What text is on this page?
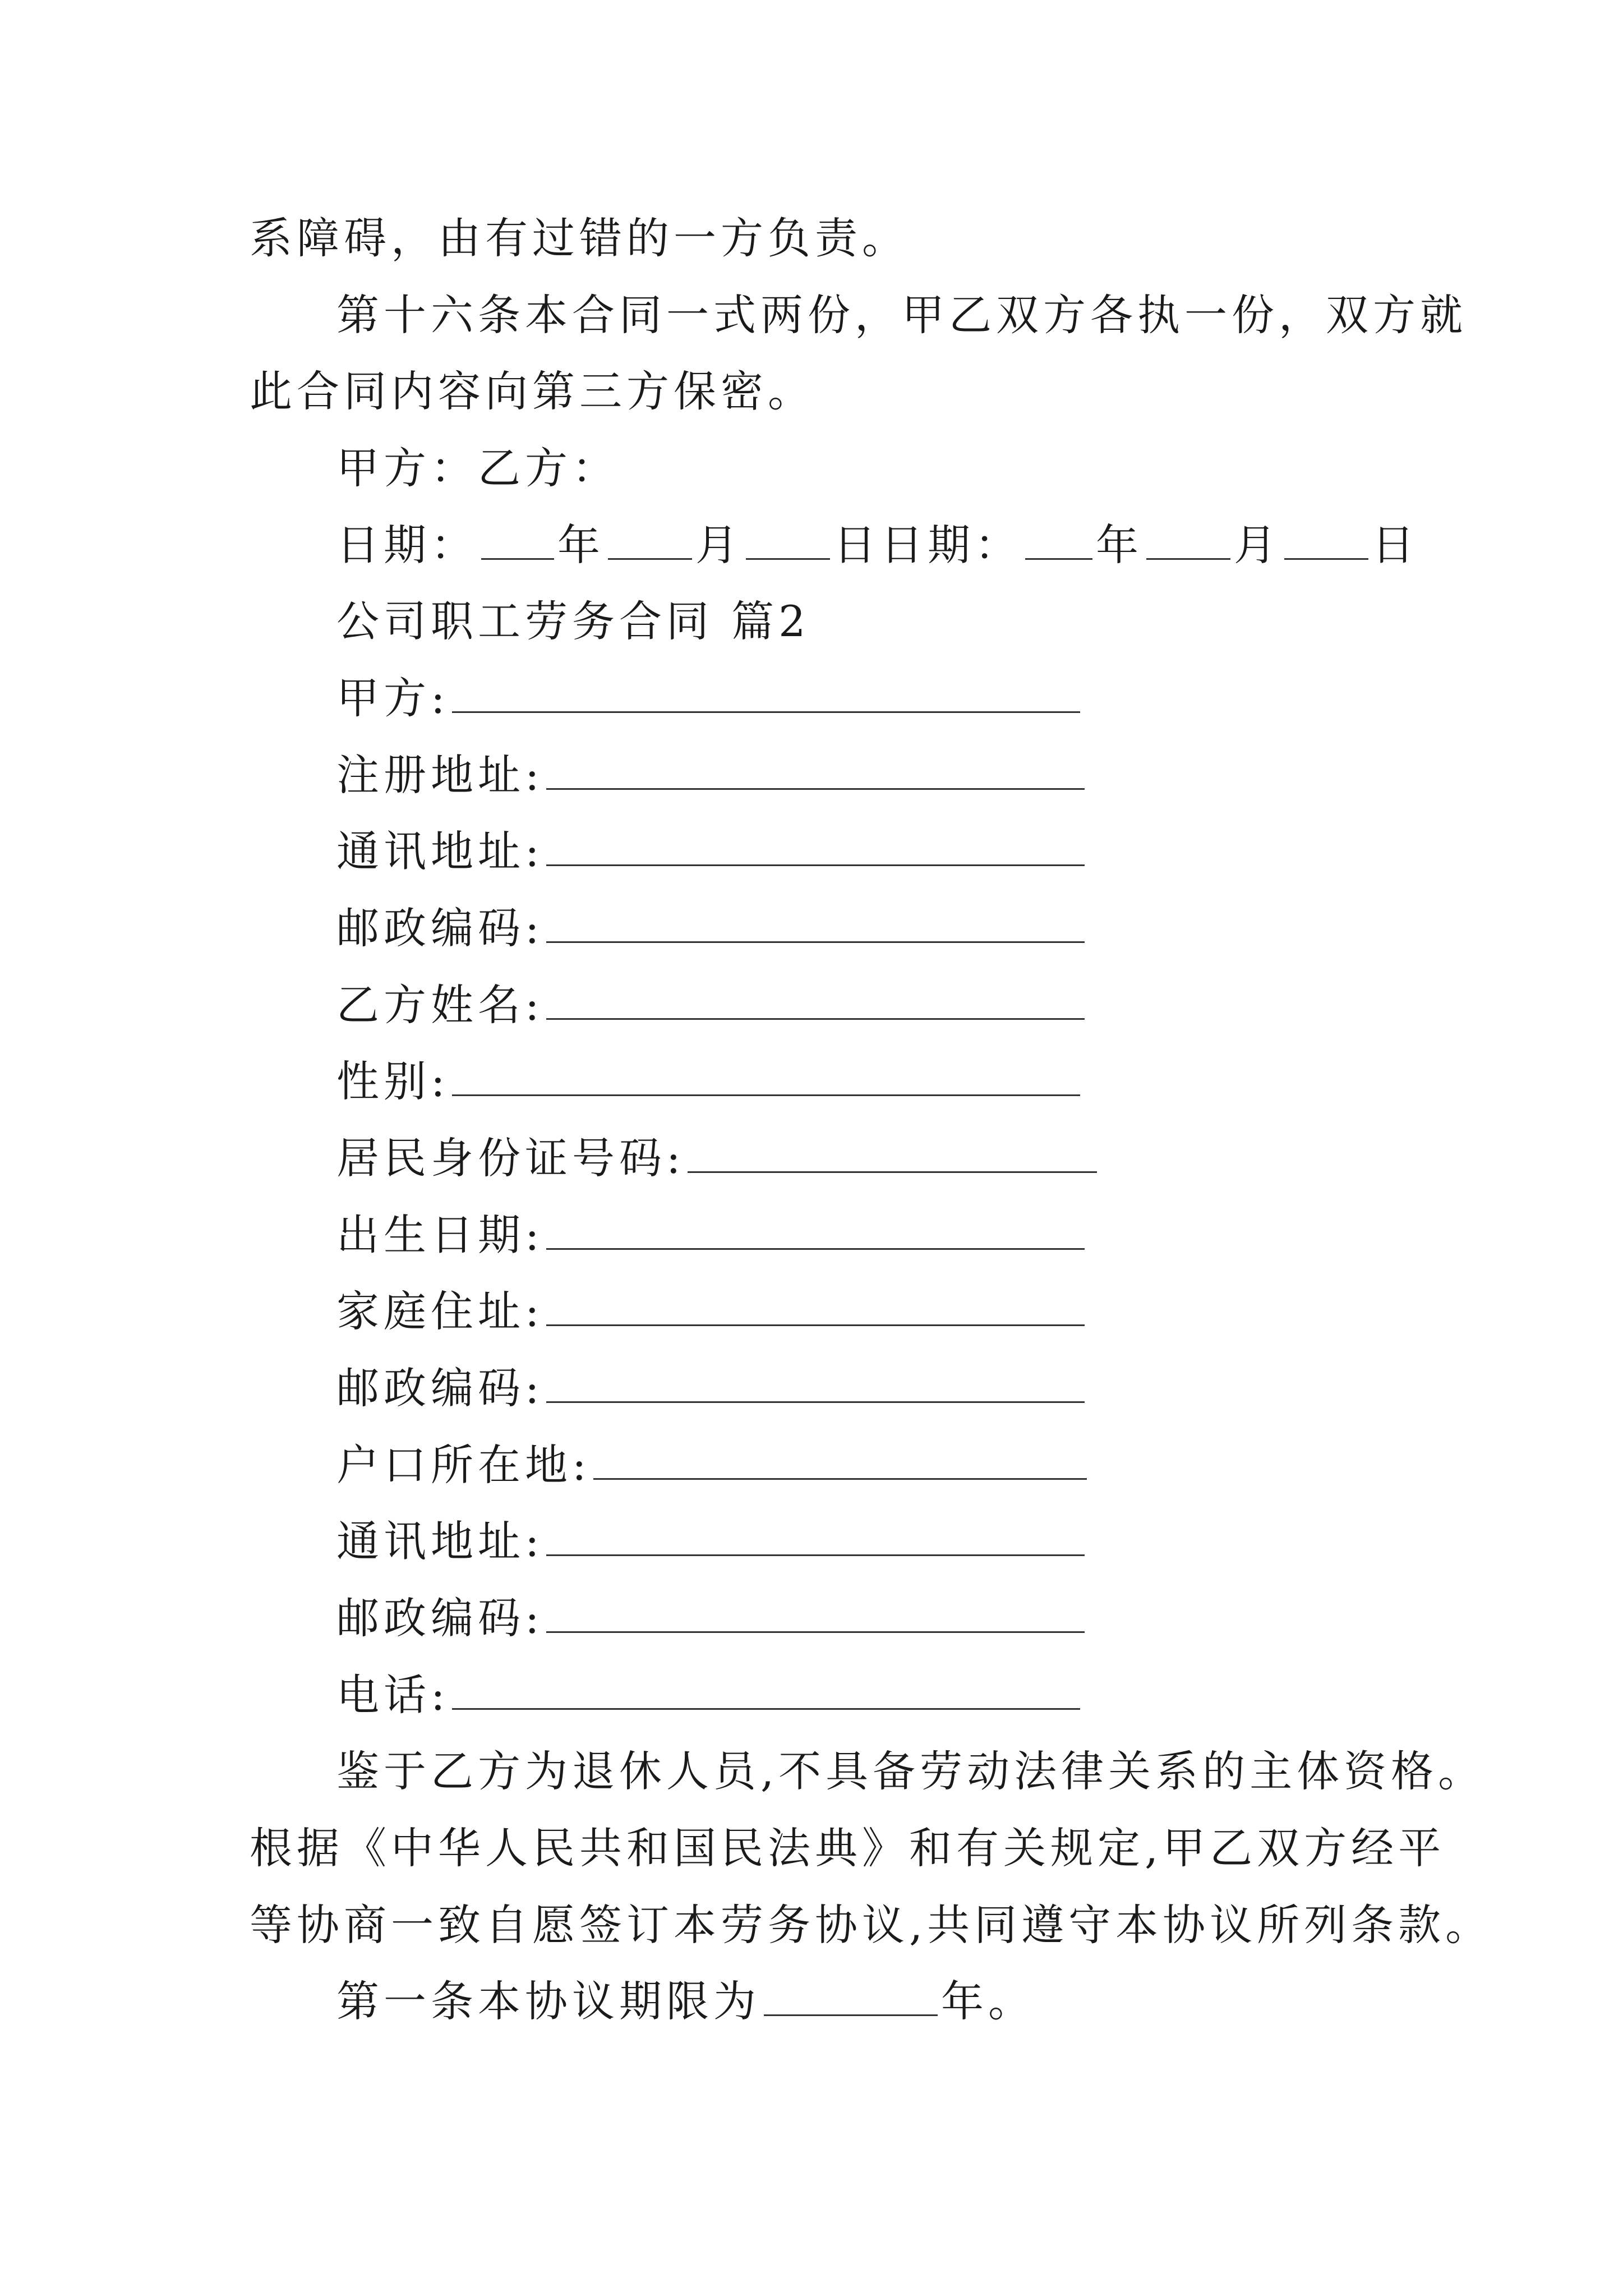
系障碍，由有过错的一方负责。
第十六条本合同一式两份，甲乙双方各执一份，双方就
此合同内容向第三方保密。
甲方：乙方：
日期： 年 月 日日期： 年 月 日
公司职工劳务合同 篇2
甲方:
注册地址:
通讯地址:
邮政编码:
乙方姓名:
性别:
居民身份证号码:
出生日期:
家庭住址:
邮政编码:
户口所在地:
通讯地址:
邮政编码:
电话:
鉴于乙方为退休人员,不具备劳动法律关系的主体资格。
根据《中华人民共和国民法典》和有关规定,甲乙双方经平
等协商一致自愿签订本劳务协议,共同遵守本协议所列条款。
第一条本协议期限为	年。
